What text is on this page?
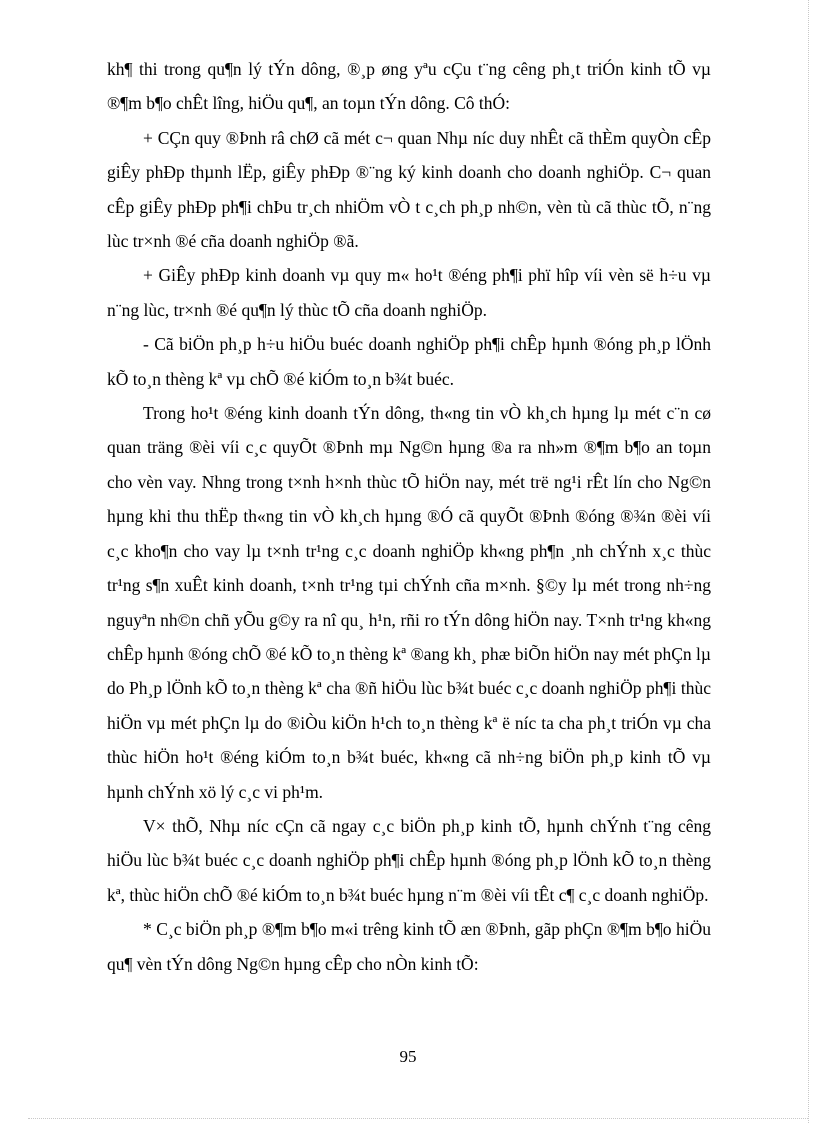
kh¶ thi trong qu¶n lý tÝn dông, ®¸p øng yªu cÇu t¨ng cêng ph¸t triÓn kinh tÕ vµ ®¶m b¶o chÊt lîng, hiÖu qu¶, an toµn tÝn dông. Cô thÓ:

+ CÇn quy ®Þnh râ chØ cã mét c¬ quan Nhµ níc duy nhÊt cã thÈm quyÒn cÊp giÊy phÐp thµnh lËp, giÊy phÐp ®¨ng ký kinh doanh cho doanh nghiÖp. C¬ quan cÊp giÊy phÐp ph¶i chÞu tr¸ch nhiÖm vÒ t c¸ch ph¸p nh©n, vèn tù cã thùc tÕ, n¨ng lùc tr×nh ®é cña doanh nghiÖp ®ã.

+ GiÊy phÐp kinh doanh vµ quy m« ho¹t ®éng ph¶i phï hîp víi vèn së h÷u vµ n¨ng lùc, tr×nh ®é qu¶n lý thùc tÕ cña doanh nghiÖp.

- Cã biÖn ph¸p h÷u hiÖu buéc doanh nghiÖp ph¶i chÊp hµnh ®óng ph¸p lÖnh kÕ to¸n thèng kª vµ chÕ ®é kiÓm to¸n b¾t buéc.

Trong ho¹t ®éng kinh doanh tÝn dông, th«ng tin vÒ kh¸ch hµng lµ mét c¨n cø quan träng ®èi víi c¸c quyÕt ®Þnh mµ Ng©n hµng ®a ra nh»m ®¶m b¶o an toµn cho vèn vay. Nhng trong t×nh h×nh thùc tÕ hiÖn nay, mét trë ng¹i rÊt lín cho Ng©n hµng khi thu thËp th«ng tin vÒ kh¸ch hµng ®Ó cã quyÕt ®Þnh ®óng ®¾n ®èi víi c¸c kho¶n cho vay lµ t×nh tr¹ng c¸c doanh nghiÖp kh«ng ph¶n ¸nh chÝnh x¸c thùc tr¹ng s¶n xuÊt kinh doanh, t×nh tr¹ng tµi chÝnh cña m×nh. §©y lµ mét trong nh÷ng nguyªn nh©n chñ yÕu g©y ra nî qu¸ h¹n, rñi ro tÝn dông hiÖn nay. T×nh tr¹ng kh«ng chÊp hµnh ®óng chÕ ®é kÕ to¸n thèng kª ®ang kh¸ phæ biÕn hiÖn nay mét phÇn lµ do Ph¸p lÖnh kÕ to¸n thèng kª cha ®ñ hiÖu lùc b¾t buéc c¸c doanh nghiÖp ph¶i thùc hiÖn vµ mét phÇn lµ do ®iÒu kiÖn h¹ch to¸n thèng kª ë níc ta cha ph¸t triÓn vµ cha thùc hiÖn ho¹t ®éng kiÓm to¸n b¾t buéc, kh«ng cã nh÷ng biÖn ph¸p kinh tÕ vµ hµnh chÝnh xö lý c¸c vi ph¹m.

V× thÕ, Nhµ níc cÇn cã ngay c¸c biÖn ph¸p kinh tÕ, hµnh chÝnh t¨ng cêng hiÖu lùc b¾t buéc c¸c doanh nghiÖp ph¶i chÊp hµnh ®óng ph¸p lÖnh kÕ to¸n thèng kª, thùc hiÖn chÕ ®é kiÓm to¸n b¾t buéc hµng n¨m ®èi víi tÊt c¶ c¸c doanh nghiÖp.

* C¸c biÖn ph¸p ®¶m b¶o m«i trêng kinh tÕ æn ®Þnh, gãp phÇn ®¶m b¶o hiÖu qu¶ vèn tÝn dông Ng©n hµng cÊp cho nÒn kinh tÕ:

95
